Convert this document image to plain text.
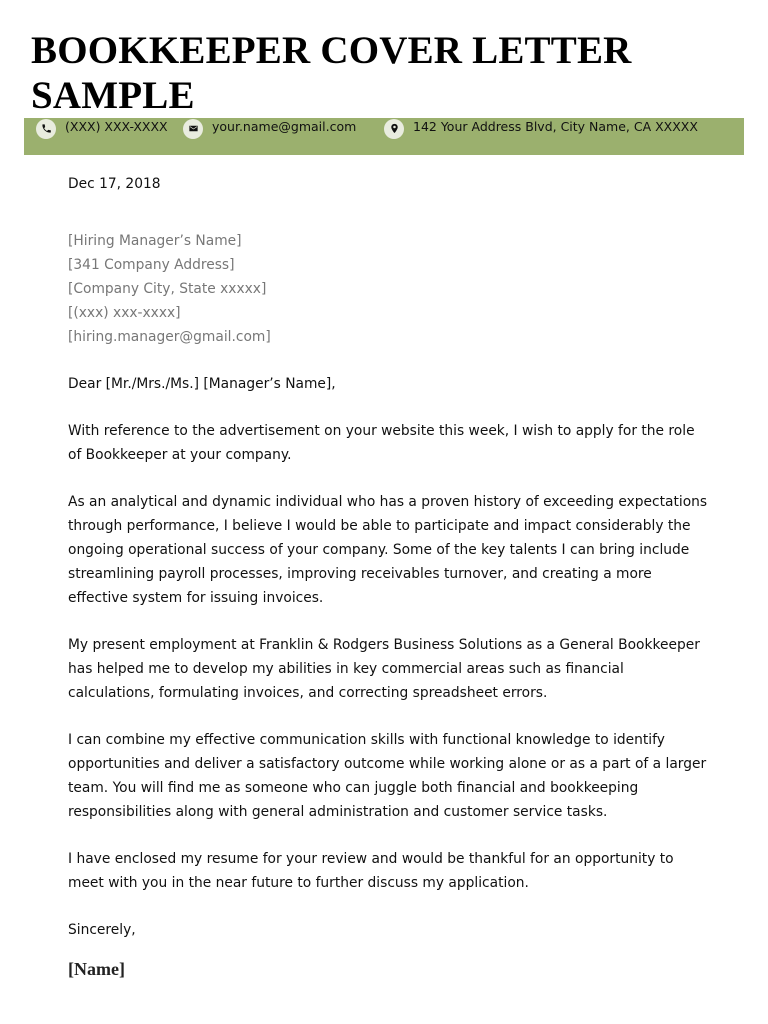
BOOKKEEPER COVER LETTER
SAMPLE
(XXX) XXX-XXXX	your.name@gmail.com	142 Your Address Blvd, City Name, CA XXXXX

Dec 17, 2018

[Hiring Manager’s Name]
[341 Company Address]
[Company City, State xxxxx]
[(xxx) xxx-xxxx]
[hiring.manager@gmail.com]

Dear [Mr./Mrs./Ms.] [Manager’s Name],

With reference to the advertisement on your website this week, I wish to apply for the role of Bookkeeper at your company.

As an analytical and dynamic individual who has a proven history of exceeding expectations through performance, I believe I would be able to participate and impact considerably the ongoing operational success of your company. Some of the key talents I can bring include streamlining payroll processes, improving receivables turnover, and creating a more effective system for issuing invoices.

My present employment at Franklin & Rodgers Business Solutions as a General Bookkeeper has helped me to develop my abilities in key commercial areas such as financial calculations, formulating invoices, and correcting spreadsheet errors.

I can combine my effective communication skills with functional knowledge to identify opportunities and deliver a satisfactory outcome while working alone or as a part of a larger team. You will find me as someone who can juggle both financial and bookkeeping responsibilities along with general administration and customer service tasks.

I have enclosed my resume for your review and would be thankful for an opportunity to meet with you in the near future to further discuss my application.

Sincerely,

[Name]
